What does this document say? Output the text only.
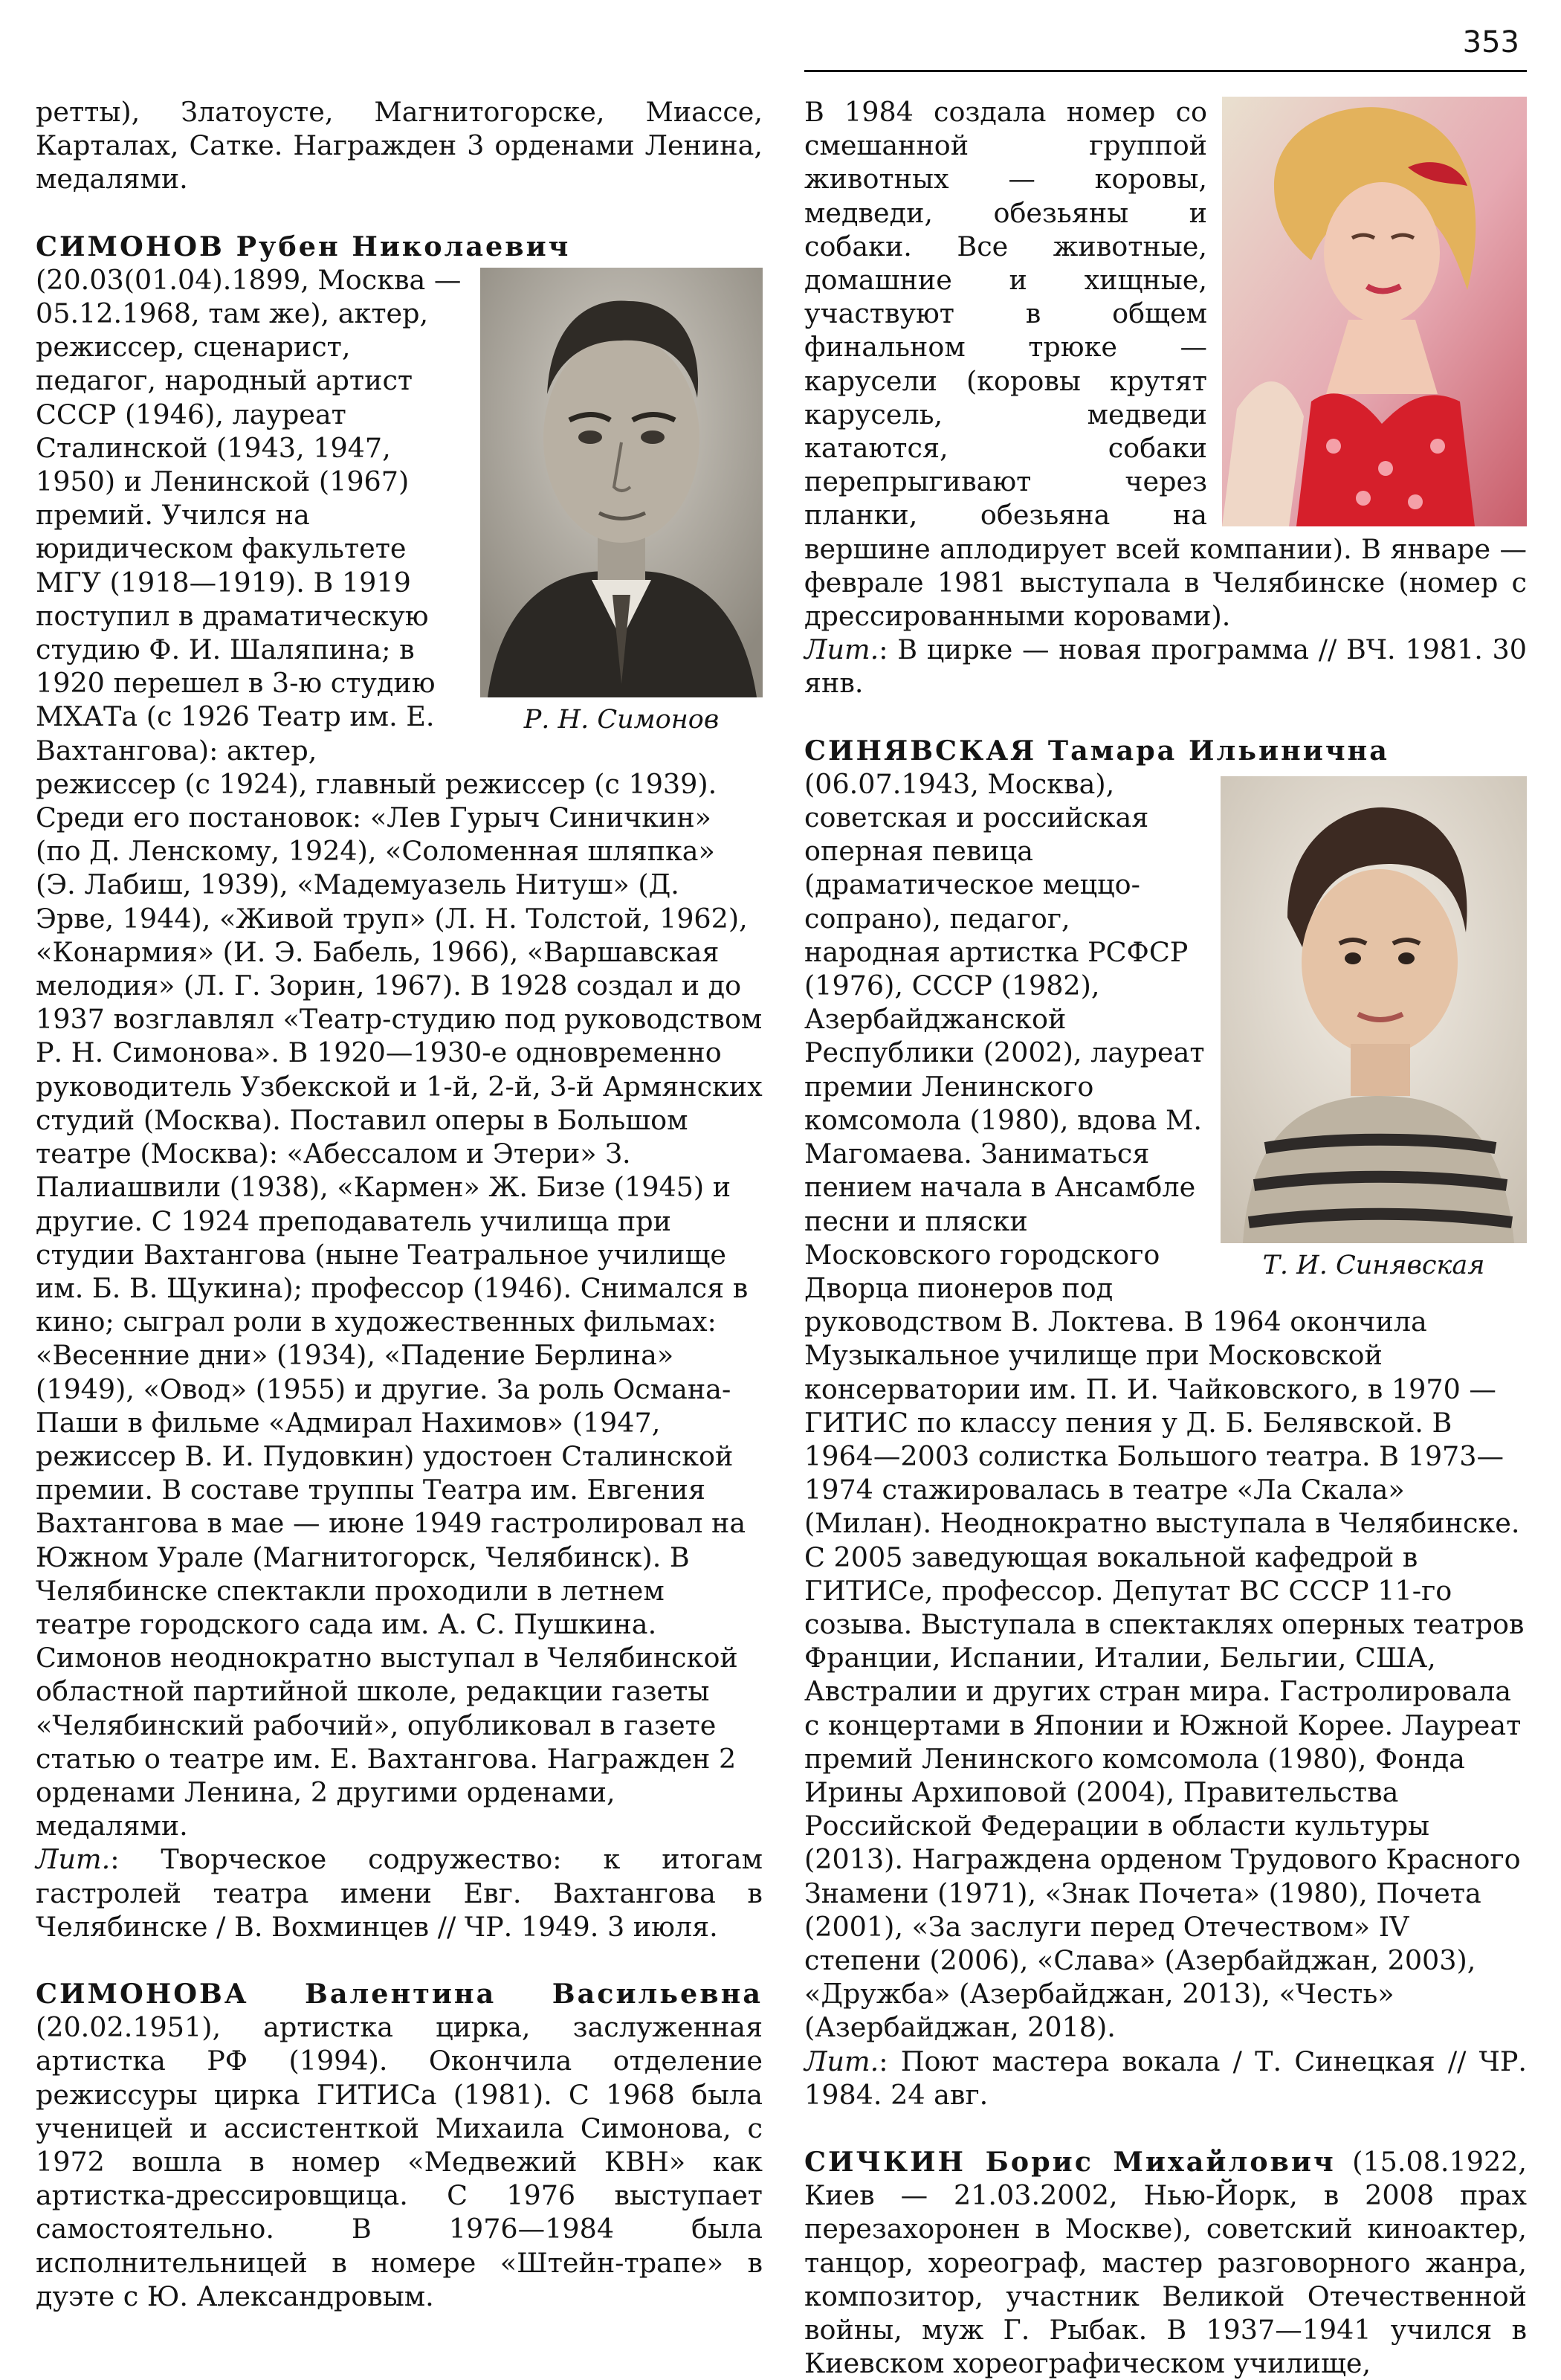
353

ретты), Златоусте, Магнитогорске, Миассе, Карталах, Сатке. Награжден 3 орденами Ленина, медалями.

СИМОНОВ Рубен Николаевич

Р. Н. Симонов
(20.03(01.04).1899, Москва — 05.12.1968, там же), актер, режиссер, сценарист, педагог, народный артист СССР (1946), лауреат Сталинской (1943, 1947, 1950) и Ленинской (1967) премий. Учился на юридическом факультете МГУ (1918—1919). В 1919 поступил в драматическую студию Ф. И. Шаляпина; в 1920 перешел в 3-ю студию МХАТа (с 1926 Театр им. Е. Вахтангова): актер, режиссер (с 1924), главный режиссер (с 1939). Среди его постановок: «Лев Гурыч Синичкин» (по Д. Ленскому, 1924), «Соломенная шляпка» (Э. Лабиш, 1939), «Мадемуазель Нитуш» (Д. Эрве, 1944), «Живой труп» (Л. Н. Толстой, 1962), «Конармия» (И. Э. Бабель, 1966), «Варшавская мелодия» (Л. Г. Зорин, 1967). В 1928 создал и до 1937 возглавлял «Театр-студию под руководством Р. Н. Симонова». В 1920—1930-е одновременно руководитель Узбекской и 1-й, 2-й, 3-й Армянских студий (Москва). Поставил оперы в Большом театре (Москва): «Абессалом и Этери» З. Палиашвили (1938), «Кармен» Ж. Бизе (1945) и другие. С 1924 преподаватель училища при студии Вахтангова (ныне Театральное училище им. Б. В. Щукина); профессор (1946). Снимался в кино; сыграл роли в художественных фильмах: «Весенние дни» (1934), «Падение Берлина» (1949), «Овод» (1955) и другие. За роль Османа-Паши в фильме «Адмирал Нахимов» (1947, режиссер В. И. Пудовкин) удостоен Сталинской премии. В составе труппы Театра им. Евгения Вахтангова в мае — июне 1949 гастролировал на Южном Урале (Магнитогорск, Челябинск). В Челябинске спектакли проходили в летнем театре городского сада им. А. С. Пушкина. Симонов неоднократно выступал в Челябинской областной партийной школе, редакции газеты «Челябинский рабочий», опубликовал в газете статью о театре им. Е. Вахтангова. Награжден 2 орденами Ленина, 2 другими орденами, медалями.

Лит.: Творческое содружество: к итогам гастролей театра имени Евг. Вахтангова в Челябинске / В. Вохминцев // ЧР. 1949. 3 июля.

СИМОНОВА Валентина Васильевна (20.02.1951), артистка цирка, заслуженная артистка РФ (1994). Окончила отделение режиссуры цирка ГИТИСа (1981). С 1968 была ученицей и ассистенткой Михаила Симонова, с 1972 вошла в номер «Медвежий КВН» как артистка-дрессировщица. С 1976 выступает самостоятельно. В 1976—1984 была исполнительницей в номере «Штейн-трапе» в дуэте с Ю. Александровым.

В 1984 создала номер со смешанной группой животных — коровы, медведи, обезьяны и собаки. Все животные, домашние и хищные, участвуют в общем финальном трюке — карусели (коровы крутят карусель, медведи катаются, собаки перепрыгивают через планки, обезьяна на вершине аплодирует всей компании). В январе — феврале 1981 выступала в Челябинске (номер с дрессированными коровами).

Лит.: В цирке — новая программа // ВЧ. 1981. 30 янв.

СИНЯВСКАЯ Тамара Ильинична

Т. И. Синявская
(06.07.1943, Москва), советская и российская оперная певица (драматическое меццо-сопрано), педагог, народная артистка РСФСР (1976), СССР (1982), Азербайджанской Республики (2002), лауреат премии Ленинского комсомола (1980), вдова М. Магомаева. Заниматься пением начала в Ансамбле песни и пляски Московского городского Дворца пионеров под руководством В. Локтева. В 1964 окончила Музыкальное училище при Московской консерватории им. П. И. Чайковского, в 1970 — ГИТИС по классу пения у Д. Б. Белявской. В 1964—2003 солистка Большого театра. В 1973—1974 стажировалась в театре «Ла Скала» (Милан). Неоднократно выступала в Челябинске. С 2005 заведующая вокальной кафедрой в ГИТИСе, профессор. Депутат ВС СССР 11-го созыва. Выступала в спектаклях оперных театров Франции, Испании, Италии, Бельгии, США, Австралии и других стран мира. Гастролировала с концертами в Японии и Южной Корее. Лауреат премий Ленинского комсомола (1980), Фонда Ирины Архиповой (2004), Правительства Российской Федерации в области культуры (2013). Награждена орденом Трудового Красного Знамени (1971), «Знак Почета» (1980), Почета (2001), «За заслуги перед Отечеством» IV степени (2006), «Слава» (Азербайджан, 2003), «Дружба» (Азербайджан, 2013), «Честь» (Азербайджан, 2018).

Лит.: Поют мастера вокала / Т. Синецкая // ЧР. 1984. 24 авг.

СИЧКИН Борис Михайлович (15.08.1922, Киев — 21.03.2002, Нью-Йорк, в 2008 прах перезахоронен в Москве), советский киноактер, танцор, хореограф, мастер разговорного жанра, композитор, участник Великой Отечественной войны, муж Г. Рыбак. В 1937—1941 учился в Киевском хореографическом училище,
